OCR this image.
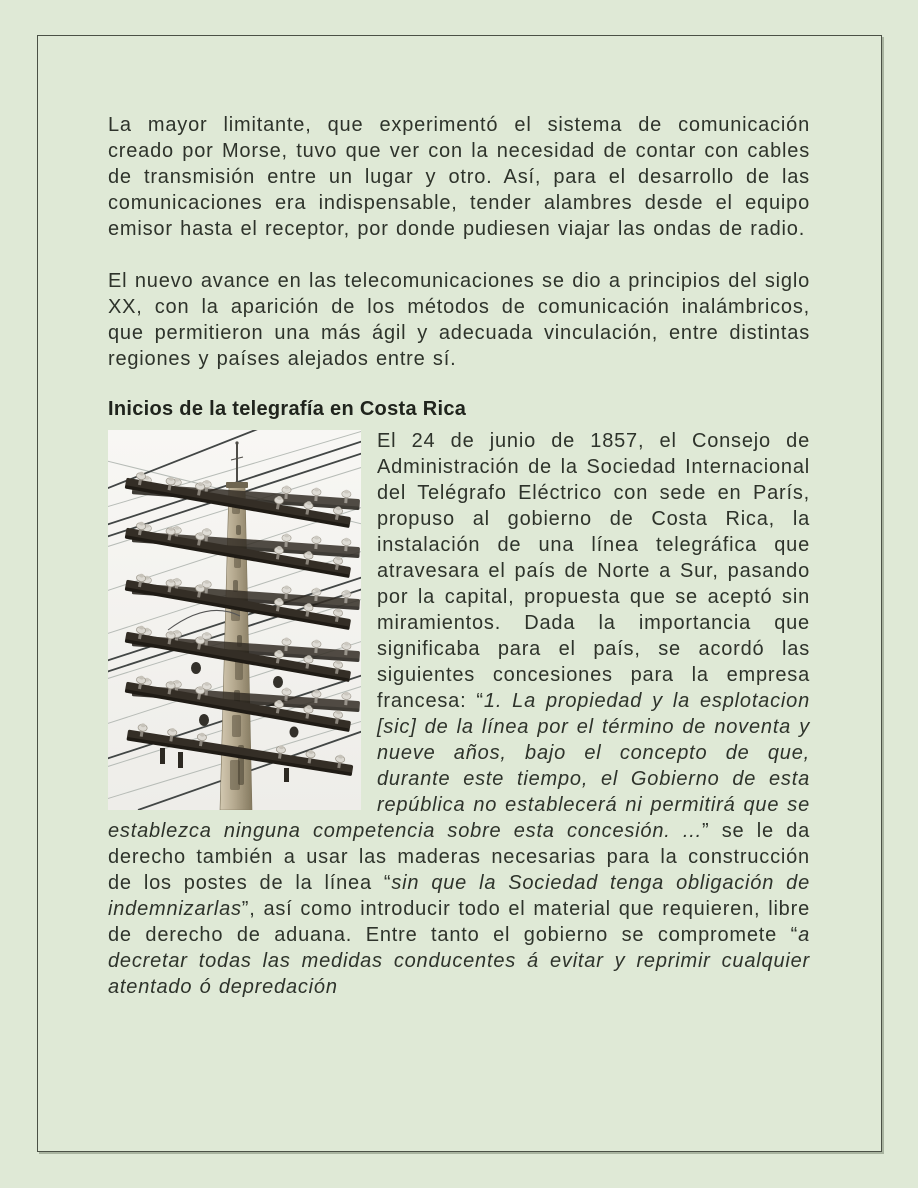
La mayor limitante, que experimentó el sistema de comunicación creado por Morse, tuvo que ver con la necesidad de contar con cables de transmisión entre un lugar y otro. Así, para el desarrollo de las comunicaciones era indispensable, tender alambres desde el equipo emisor hasta el receptor, por donde pudiesen viajar las ondas de radio.

El nuevo avance en las telecomunicaciones se dio a principios del siglo XX, con la aparición de los métodos de comunicación inalámbricos, que permitieron una más ágil y adecuada vinculación, entre distintas regiones y países alejados entre sí.

Inicios de la telegrafía en Costa Rica

El 24 de junio de 1857, el Consejo de Administración de la Sociedad Internacional del Telégrafo Eléctrico con sede en París, propuso al gobierno de Costa Rica, la instalación de una línea telegráfica que atravesara el país de Norte a Sur, pasando por la capital, propuesta que se aceptó sin miramientos. Dada la importancia que significaba para el país, se acordó las siguientes concesiones para la empresa francesa: “1. La propiedad y la esplotacion [sic] de la línea por el término de noventa y nueve años, bajo el concepto de que, durante este tiempo, el Gobierno de esta república no establecerá ni permitirá que se establezca ninguna competencia sobre esta concesión. ...” se le da derecho también a usar las maderas necesarias para la construcción de los postes de la línea “sin que la Sociedad tenga obligación de indemnizarlas”, así como introducir todo el material que requieren, libre de derecho de aduana. Entre tanto el gobierno se compromete “a decretar todas las medidas conducentes á evitar y reprimir cualquier atentado ó depredación
